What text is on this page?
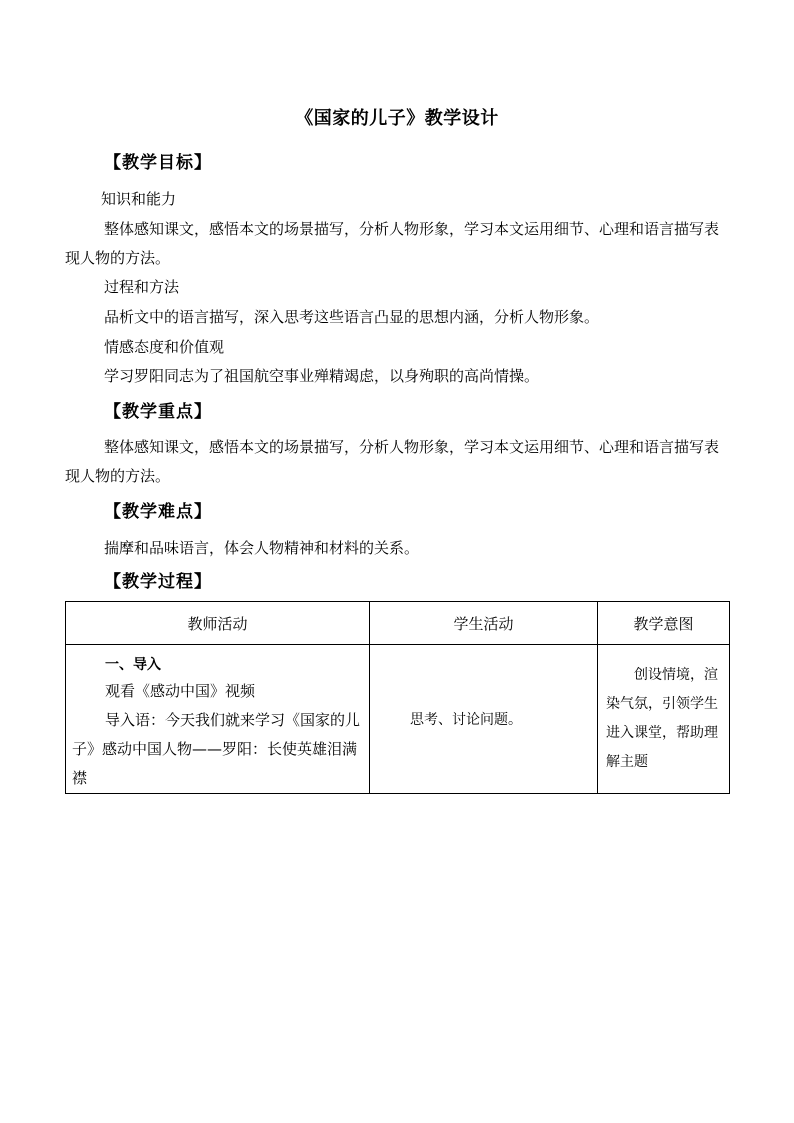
《国家的儿子》教学设计
【教学目标】
知识和能力
整体感知课文，感悟本文的场景描写，分析人物形象，学习本文运用细节、心理和语言描写表现人物的方法。
过程和方法
品析文中的语言描写，深入思考这些语言凸显的思想内涵，分析人物形象。
情感态度和价值观
学习罗阳同志为了祖国航空事业殚精竭虑，以身殉职的高尚情操。
【教学重点】
整体感知课文，感悟本文的场景描写，分析人物形象，学习本文运用细节、心理和语言描写表现人物的方法。
【教学难点】
揣摩和品味语言，体会人物精神和材料的关系。
【教学过程】
教师活动	学生活动	教学意图

一、导入
观看《感动中国》视频
导入语：今天我们就来学习《国家的儿子》感动中国人物——罗阳：长使英雄泪满襟	思考、讨论问题。	创设情境，渲染气氛，引领学生进入课堂，帮助理解主题
